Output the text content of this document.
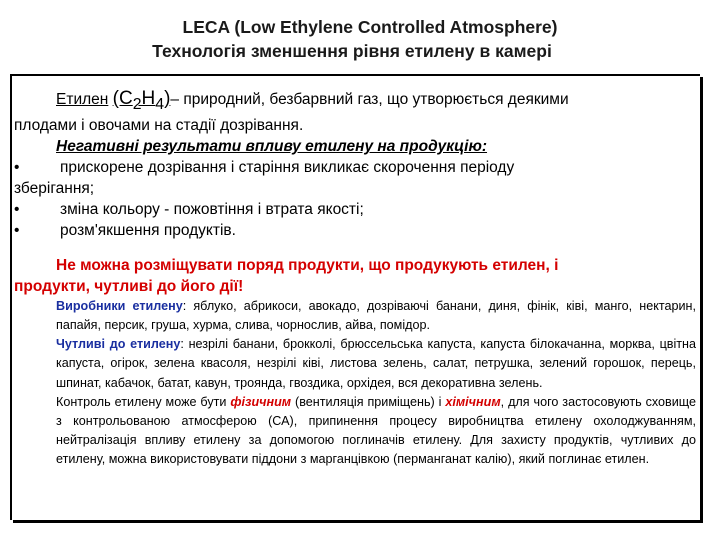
LECA (Low Ethylene Controlled Atmosphere)
Технологія зменшення рівня етилену в камері
Етилен $(С_2Н_4)-$ природний, безбарвний газ, що утворюється деякими
плодами і овочами на стадії дозрівання.
Негативні результати впливу етилену на продукцію:
•	прискорене дозрівання і старіння викликає скорочення періоду
зберігання;
•	зміна кольору - пожовтіння і втрата якості;
•	розм'якшення продуктів.
Не можна розміщувати поряд продукти, що продукують етилен, і
продукти, чутливі до його дії!

Виробники етилену: яблуко, абрикоси, авокадо, дозріваючі банани, диня, фінік, ківі, манго, нектарин, папайя, персик, груша, хурма, слива, чорнослив, айва, помідор.

Чутливі до етилену: незрілі банани, брокколі, брюссельська капуста, капуста білокачанна, морква, цвітна капуста, огірок, зелена квасоля, незрілі ківі, листова зелень, салат, петрушка, зелений горошок, перець, шпинат, кабачок, батат, кавун, троянда, гвоздика, орхідея, вся декоративна зелень.

Контроль етилену може бути фізичним (вентиляція приміщень) і хімічним, для чого застосовують сховище з контрольованою атмосферою (СА), припинення процесу виробництва етилену охолоджуванням, нейтралізація впливу етилену за допомогою поглиначів етилену. Для захисту продуктів, чутливих до етилену, можна використовувати піддони з марганцівкою (перманганат калію), який поглинає етилен.
